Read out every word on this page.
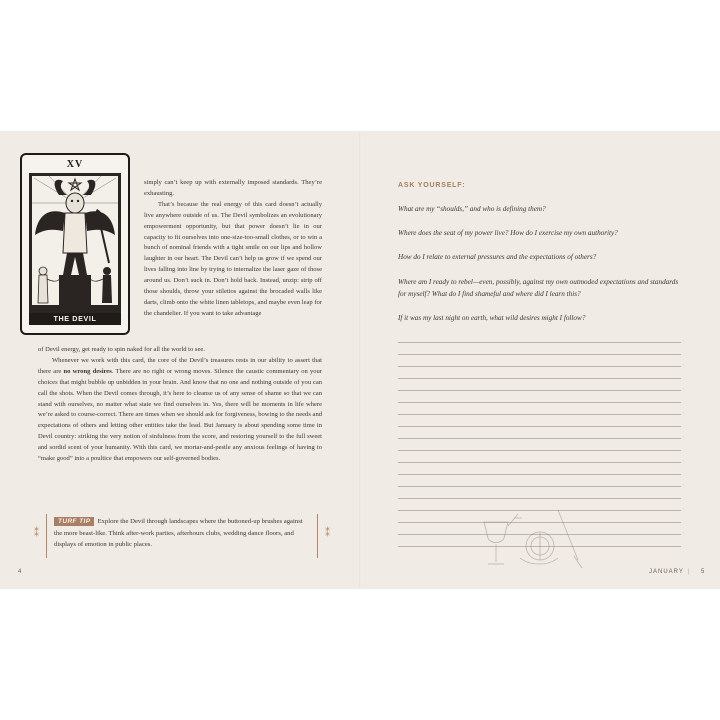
XV
THE DEVIL

simply can’t keep up with externally imposed standards. They’re exhausting.

That’s because the real energy of this card doesn’t actually live anywhere outside of us. The Devil symbolizes an evolutionary empowerment opportunity, but that power doesn’t lie in our capacity to fit ourselves into one-size-too-small clothes, or to win a bunch of nominal friends with a tight smile on our lips and hollow laughter in our heart. The Devil can’t help us grow if we spend our lives falling into line by trying to internalize the laser gaze of those around us. Don’t suck in. Don’t hold back. Instead, unzip: strip off those shoulds, throw your stilettos against the brocaded walls like darts, climb onto the white linen tabletops, and maybe even leap for the chandelier. If you want to take advantage

of Devil energy, get ready to spin naked for all the world to see.

Whenever we work with this card, the core of the Devil’s treasures rests in our ability to assert that there are no wrong desires. There are no right or wrong moves. Silence the caustic commentary on your choices that might bubble up unbidden in your brain. And know that no one and nothing outside of you can call the shots. When the Devil comes through, it’s here to cleanse us of any sense of shame so that we can stand with ourselves, no matter what state we find ourselves in. Yes, there will be moments in life where we’re asked to course-correct. There are times when we should ask for forgiveness, bowing to the needs and expectations of others and letting other entities take the lead. But January is about spending some time in Devil country: striking the very notion of sinfulness from the score, and restoring yourself to the full sweet and sordid scent of your humanity. With this card, we mortar-and-pestle any anxious feelings of having to “make good” into a poultice that empowers our self-governed bodies.

⁑
TURF TIP Explore the Devil through landscapes where the buttoned-up brushes against the more beast-like. Think after-work parties, afterhours clubs, wedding dance floors, and displays of emotion in public places.
⁑
4
ASK YOURSELF:
What are my “shoulds,” and who is defining them?
Where does the seat of my power live? How do I exercise my own authority?
How do I relate to external pressures and the expectations of others?
Where am I ready to rebel—even, possibly, against my own outmoded expectations and standards for myself? What do I find shameful and where did I learn this?
If it was my last night on earth, what wild desires might I follow?
JANUARY | 5
